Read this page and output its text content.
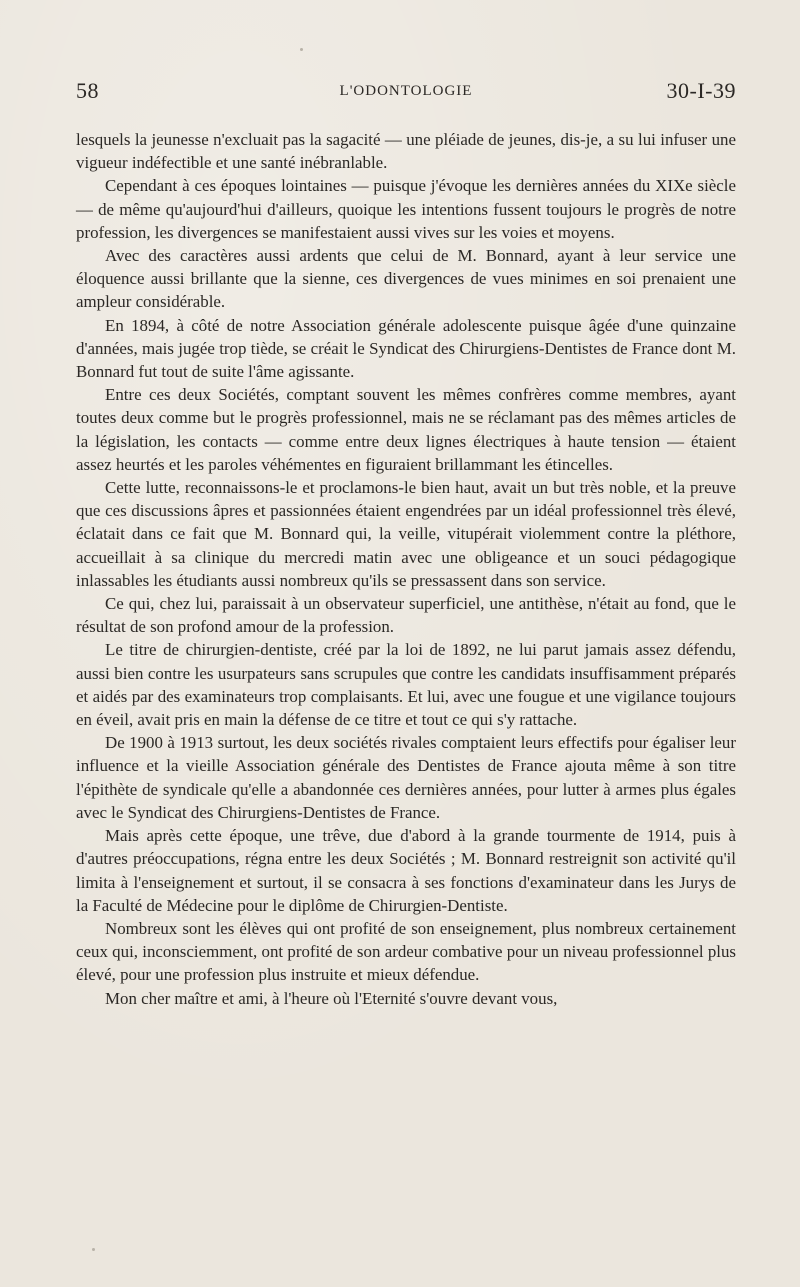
58	L'ODONTOLOGIE	30-I-39

lesquels la jeunesse n'excluait pas la sagacité — une pléiade de jeunes, dis-je, a su lui infuser une vigueur indéfectible et une santé inébranlable.

Cependant à ces époques lointaines — puisque j'évoque les dernières années du XIXe siècle — de même qu'aujourd'hui d'ailleurs, quoique les intentions fussent toujours le progrès de notre profession, les divergences se manifestaient aussi vives sur les voies et moyens.

Avec des caractères aussi ardents que celui de M. Bonnard, ayant à leur service une éloquence aussi brillante que la sienne, ces divergences de vues minimes en soi prenaient une ampleur considérable.

En 1894, à côté de notre Association générale adolescente puisque âgée d'une quinzaine d'années, mais jugée trop tiède, se créait le Syndicat des Chirurgiens-Dentistes de France dont M. Bonnard fut tout de suite l'âme agissante.

Entre ces deux Sociétés, comptant souvent les mêmes confrères comme membres, ayant toutes deux comme but le progrès professionnel, mais ne se réclamant pas des mêmes articles de la législation, les contacts — comme entre deux lignes électriques à haute tension — étaient assez heurtés et les paroles véhémentes en figuraient brillammant les étincelles.

Cette lutte, reconnaissons-le et proclamons-le bien haut, avait un but très noble, et la preuve que ces discussions âpres et passionnées étaient engendrées par un idéal professionnel très élevé, éclatait dans ce fait que M. Bonnard qui, la veille, vitupérait violemment contre la pléthore, accueillait à sa clinique du mercredi matin avec une obligeance et un souci pédagogique inlassables les étudiants aussi nombreux qu'ils se pressassent dans son service.

Ce qui, chez lui, paraissait à un observateur superficiel, une antithèse, n'était au fond, que le résultat de son profond amour de la profession.

Le titre de chirurgien-dentiste, créé par la loi de 1892, ne lui parut jamais assez défendu, aussi bien contre les usurpateurs sans scrupules que contre les candidats insuffisamment préparés et aidés par des examinateurs trop complaisants. Et lui, avec une fougue et une vigilance toujours en éveil, avait pris en main la défense de ce titre et tout ce qui s'y rattache.

De 1900 à 1913 surtout, les deux sociétés rivales comptaient leurs effectifs pour égaliser leur influence et la vieille Association générale des Dentistes de France ajouta même à son titre l'épithète de syndicale qu'elle a abandonnée ces dernières années, pour lutter à armes plus égales avec le Syndicat des Chirurgiens-Dentistes de France.

Mais après cette époque, une trêve, due d'abord à la grande tourmente de 1914, puis à d'autres préoccupations, régna entre les deux Sociétés ; M. Bonnard restreignit son activité qu'il limita à l'enseignement et surtout, il se consacra à ses fonctions d'examinateur dans les Jurys de la Faculté de Médecine pour le diplôme de Chirurgien-Dentiste.

Nombreux sont les élèves qui ont profité de son enseignement, plus nombreux certainement ceux qui, inconsciemment, ont profité de son ardeur combative pour un niveau professionnel plus élevé, pour une profession plus instruite et mieux défendue.

Mon cher maître et ami, à l'heure où l'Eternité s'ouvre devant vous,
